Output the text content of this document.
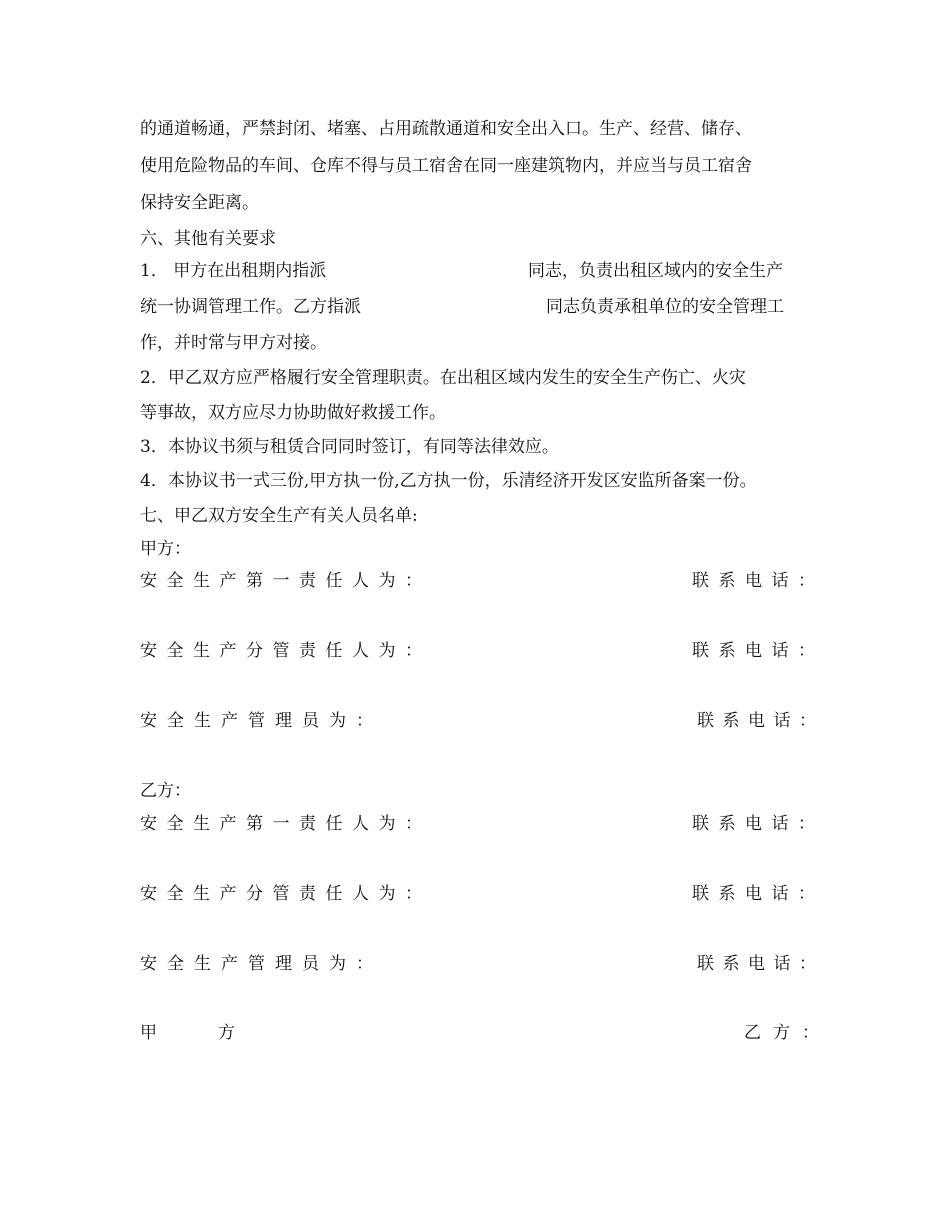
的通道畅通，严禁封闭、堵塞、占用疏散通道和安全出入口。生产、经营、储存、
使用危险物品的车间、仓库不得与员工宿舍在同一座建筑物内，并应当与员工宿舍
保持安全距离。
六、其他有关要求
1． 甲方在出租期内指派	同志，负责出租区域内的安全生产
统一协调管理工作。乙方指派	同志负责承租单位的安全管理工
作，并时常与甲方对接。
2．甲乙双方应严格履行安全管理职责。在出租区域内发生的安全生产伤亡、火灾
等事故，双方应尽力协助做好救援工作。
3．本协议书须与租赁合同同时签订，有同等法律效应。
4．本协议书一式三份,甲方执一份,乙方执一份，乐清经济开发区安监所备案一份。
七、甲乙双方安全生产有关人员名单:
甲方：
安全生产第一责任人为：	联系电话：
安全生产分管责任人为：	联系电话：
安全生产管理员为：	联系电话：
乙方：
安全生产第一责任人为：	联系电话：
安全生产分管责任人为：	联系电话：
安全生产管理员为：	联系电话：
甲	方	乙方：
